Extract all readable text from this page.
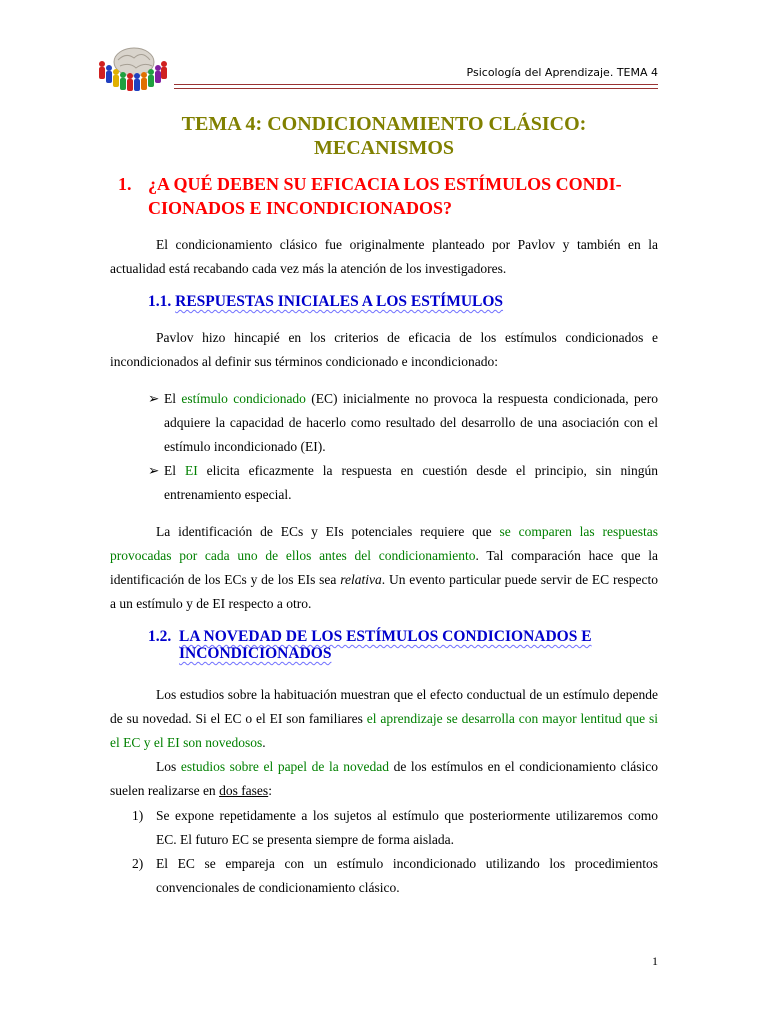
Psicología del Aprendizaje. TEMA 4
TEMA 4: CONDICIONAMIENTO CLÁSICO:
MECANISMOS
1. ¿A QUÉ DEBEN SU EFICACIA LOS ESTÍMULOS CONDI-CIONADOS E INCONDICIONADOS?
El condicionamiento clásico fue originalmente planteado por Pavlov y también en la actualidad está recabando cada vez más la atención de los investigadores.
1.1. RESPUESTAS INICIALES A LOS ESTÍMULOS
Pavlov hizo hincapié en los criterios de eficacia de los estímulos condicionados e incondicionados al definir sus términos condicionado e incondicionado:
➢ El estímulo condicionado (EC) inicialmente no provoca la respuesta condicionada, pero adquiere la capacidad de hacerlo como resultado del desarrollo de una asociación con el estímulo incondicionado (EI).
➢ El EI elicita eficazmente la respuesta en cuestión desde el principio, sin ningún entrenamiento especial.
La identificación de ECs y EIs potenciales requiere que se comparen las respuestas provocadas por cada uno de ellos antes del condicionamiento. Tal comparación hace que la identificación de los ECs y de los EIs sea relativa. Un evento particular puede servir de EC respecto a un estímulo y de EI respecto a otro.
1.2. LA NOVEDAD DE LOS ESTÍMULOS CONDICIONADOS E
INCONDICIONADOS
Los estudios sobre la habituación muestran que el efecto conductual de un estímulo depende de su novedad. Si el EC o el EI son familiares el aprendizaje se desarrolla con mayor lentitud que si el EC y el EI son novedosos.
Los estudios sobre el papel de la novedad de los estímulos en el condicionamiento clásico suelen realizarse en dos fases:
1) Se expone repetidamente a los sujetos al estímulo que posteriormente utilizaremos como EC. El futuro EC se presenta siempre de forma aislada.
2) El EC se empareja con un estímulo incondicionado utilizando los procedimientos convencionales de condicionamiento clásico.
1
